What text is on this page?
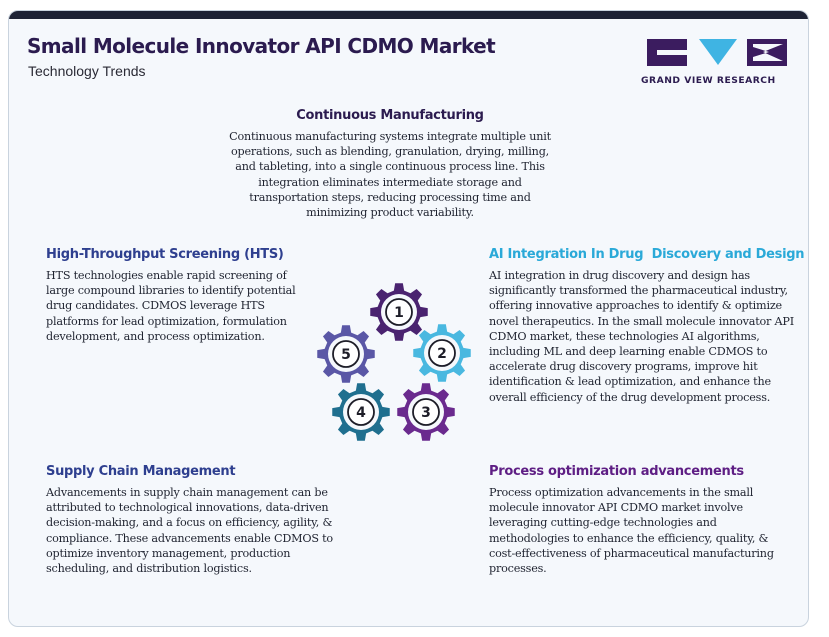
Small Molecule Innovator API CDMO Market
Technology Trends
GRAND VIEW RESEARCH
Continuous Manufacturing

Continuous manufacturing systems integrate multiple unit operations, such as blending, granulation, drying, milling, and tableting, into a single continuous process line. This integration eliminates intermediate storage and transportation steps, reducing processing time and minimizing product variability.

High-Throughput Screening (HTS)

HTS technologies enable rapid screening of large compound libraries to identify potential drug candidates. CDMOS leverage HTS platforms for lead optimization, formulation development, and process optimization.

AI Integration In Drug  Discovery and Design

AI integration in drug discovery and design has significantly transformed the pharmaceutical industry, offering innovative approaches to identify & optimize novel therapeutics. In the small molecule innovator API CDMO market, these technologies AI algorithms, including ML and deep learning enable CDMOS to accelerate drug discovery programs, improve hit identification & lead optimization, and enhance the overall efficiency of the drug development process.

Supply Chain Management

Advancements in supply chain management can be attributed to technological innovations, data-driven decision-making, and a focus on efficiency, agility, & compliance. These advancements enable CDMOS to optimize inventory management, production scheduling, and distribution logistics.

Process optimization advancements

Process optimization advancements in the small molecule innovator API CDMO market involve leveraging cutting-edge technologies and methodologies to enhance the efficiency, quality, & cost-effectiveness of pharmaceutical manufacturing processes.

1
2
3
4
5
